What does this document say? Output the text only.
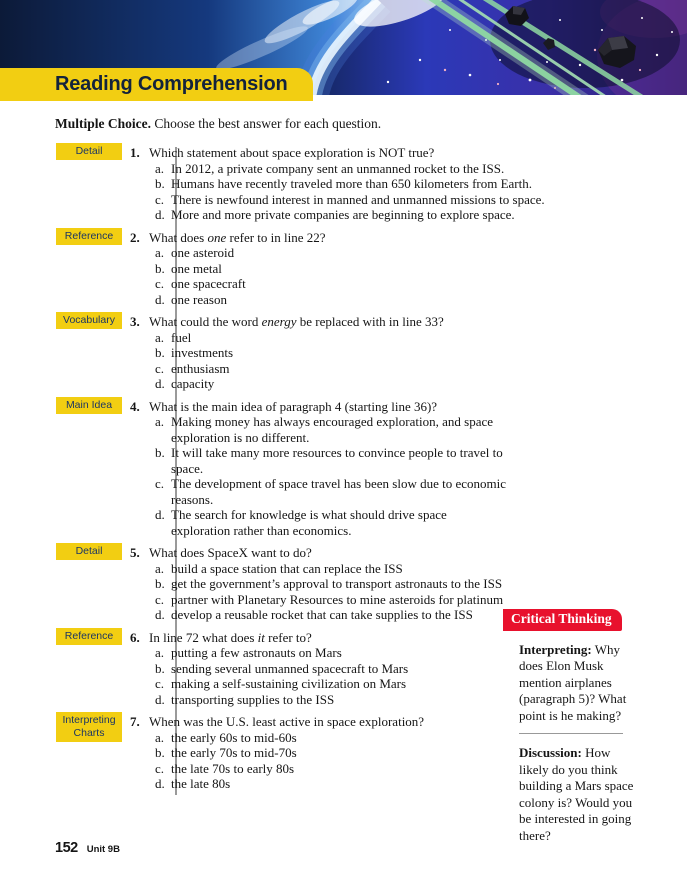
Reading Comprehension
Multiple Choice. Choose the best answer for each question.
Detail	1. Which statement about space exploration is NOT true?
a. In 2012, a private company sent an unmanned rocket to the ISS.
b. Humans have recently traveled more than 650 kilometers from Earth.
c. There is newfound interest in manned and unmanned missions to space.
d. More and more private companies are beginning to explore space.
Reference	2. What does one refer to in line 22?
a. one asteroid
b. one metal
c. one spacecraft
d. one reason
Vocabulary	3. What could the word energy be replaced with in line 33?
a. fuel
b. investments
c. enthusiasm
d. capacity
Main Idea	4. What is the main idea of paragraph 4 (starting line 36)?
a. Making money has always encouraged exploration, and space exploration is no different.
b. It will take many more resources to convince people to travel to space.
c. The development of space travel has been slow due to economic reasons.
d. The search for knowledge is what should drive space exploration rather than economics.
Detail	5. What does SpaceX want to do?
a. build a space station that can replace the ISS
b. get the government’s approval to transport astronauts to the ISS
c. partner with Planetary Resources to mine asteroids for platinum
d. develop a reusable rocket that can take supplies to the ISS
Reference	6. In line 72 what does it refer to?
a. putting a few astronauts on Mars
b. sending several unmanned spacecraft to Mars
c. making a self-sustaining civilization on Mars
d. transporting supplies to the ISS
Interpreting Charts
7. When was the U.S. least active in space exploration?
a. the early 60s to mid-60s
b. the early 70s to mid-70s
c. the late 70s to early 80s
d. the late 80s
Critical Thinking
Interpreting: Why does Elon Musk mention airplanes (paragraph 5)? What point is he making?
Discussion: How likely do you think building a Mars space colony is? Would you be interested in going there?
152 Unit 9B
